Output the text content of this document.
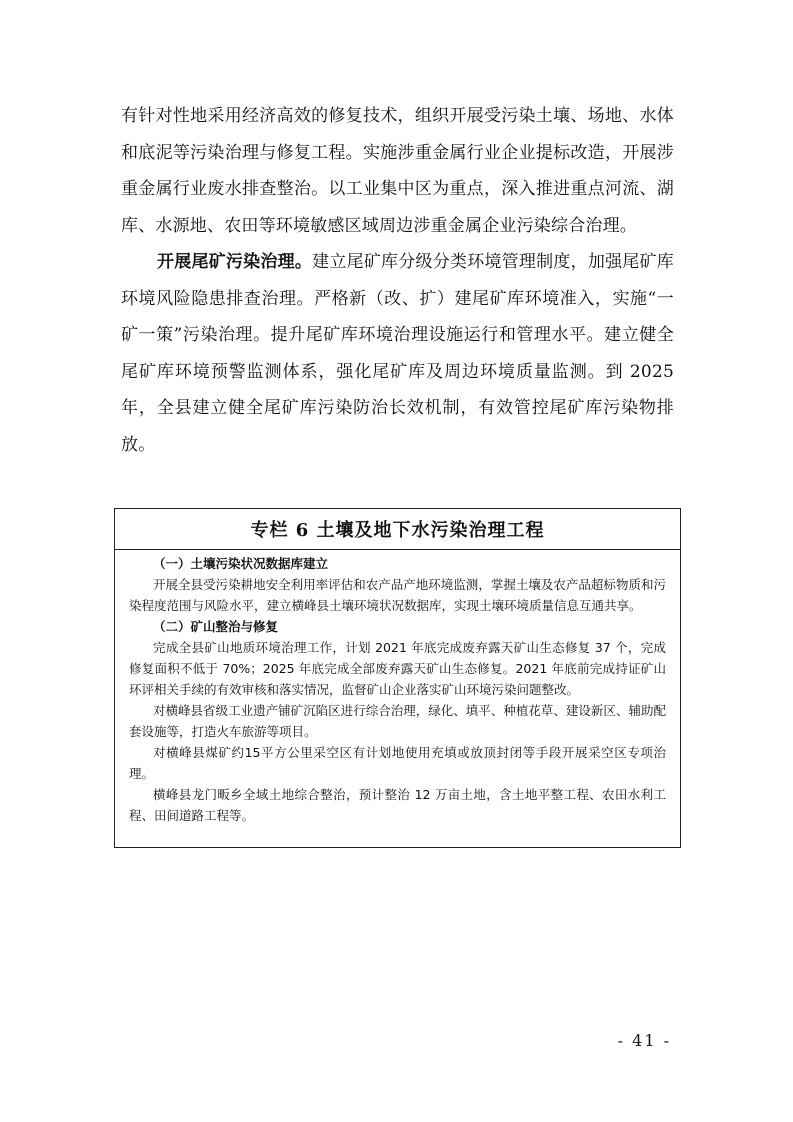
有针对性地采用经济高效的修复技术，组织开展受污染土壤、场地、水体和底泥等污染治理与修复工程。实施涉重金属行业企业提标改造，开展涉重金属行业废水排查整治。以工业集中区为重点，深入推进重点河流、湖库、水源地、农田等环境敏感区域周边涉重金属企业污染综合治理。

开展尾矿污染治理。建立尾矿库分级分类环境管理制度，加强尾矿库环境风险隐患排查治理。严格新（改、扩）建尾矿库环境准入，实施“一矿一策”污染治理。提升尾矿库环境治理设施运行和管理水平。建立健全尾矿库环境预警监测体系，强化尾矿库及周边环境质量监测。到 2025 年，全县建立健全尾矿库污染防治长效机制，有效管控尾矿库污染物排放。

专栏 6 土壤及地下水污染治理工程

（一）土壤污染状况数据库建立

开展全县受污染耕地安全利用率评估和农产品产地环境监测，掌握土壤及农产品超标物质和污染程度范围与风险水平，建立横峰县土壤环境状况数据库，实现土壤环境质量信息互通共享。

（二）矿山整治与修复

完成全县矿山地质环境治理工作，计划 2021 年底完成废弃露天矿山生态修复 37 个，完成修复面积不低于 70%；2025 年底完成全部废弃露天矿山生态修复。2021 年底前完成持证矿山环评相关手续的有效审核和落实情况，监督矿山企业落实矿山环境污染问题整改。

对横峰县省级工业遗产铺矿沉陷区进行综合治理，绿化、填平、种植花草、建设新区、辅助配套设施等，打造火车旅游等项目。

对横峰县煤矿约15平方公里采空区有计划地使用充填或放顶封闭等手段开展采空区专项治理。

横峰县龙门畈乡全域土地综合整治，预计整治 12 万亩土地，含土地平整工程、农田水利工程、田间道路工程等。

- 41 -
